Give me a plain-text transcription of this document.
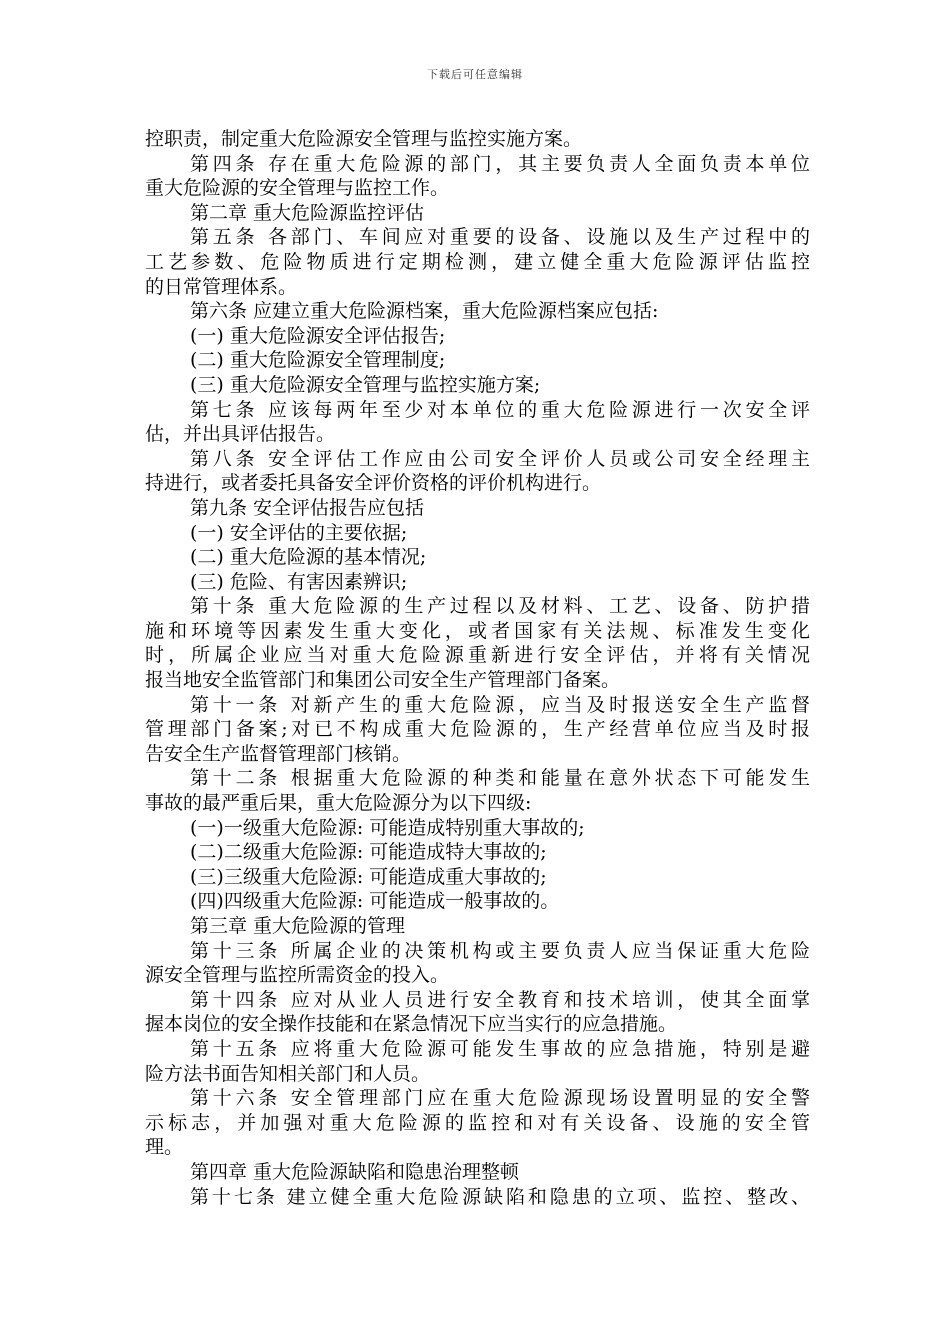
下载后可任意编辑
控职责，制定重大危险源安全管理与监控实施方案。
第四条 存在重大危险源的部门，其主要负责人全面负责本单位
重大危险源的安全管理与监控工作。
第二章 重大危险源监控评估
第五条 各部门、车间应对重要的设备、设施以及生产过程中的
工艺参数、危险物质进行定期检测，建立健全重大危险源评估监控
的日常管理体系。
第六条 应建立重大危险源档案，重大危险源档案应包括:
(一) 重大危险源安全评估报告;
(二) 重大危险源安全管理制度;
(三) 重大危险源安全管理与监控实施方案;
第七条 应该每两年至少对本单位的重大危险源进行一次安全评
估，并出具评估报告。
第八条 安全评估工作应由公司安全评价人员或公司安全经理主
持进行，或者委托具备安全评价资格的评价机构进行。
第九条 安全评估报告应包括
(一) 安全评估的主要依据;
(二) 重大危险源的基本情况;
(三) 危险、有害因素辨识;
第十条 重大危险源的生产过程以及材料、工艺、设备、防护措
施和环境等因素发生重大变化，或者国家有关法规、标准发生变化
时，所属企业应当对重大危险源重新进行安全评估，并将有关情况
报当地安全监管部门和集团公司安全生产管理部门备案。
第十一条 对新产生的重大危险源，应当及时报送安全生产监督
管理部门备案;对已不构成重大危险源的，生产经营单位应当及时报
告安全生产监督管理部门核销。
第十二条 根据重大危险源的种类和能量在意外状态下可能发生
事故的最严重后果，重大危险源分为以下四级:
(一)一级重大危险源: 可能造成特别重大事故的;
(二)二级重大危险源: 可能造成特大事故的;
(三)三级重大危险源: 可能造成重大事故的;
(四)四级重大危险源: 可能造成一般事故的。
第三章 重大危险源的管理
第十三条 所属企业的决策机构或主要负责人应当保证重大危险
源安全管理与监控所需资金的投入。
第十四条 应对从业人员进行安全教育和技术培训，使其全面掌
握本岗位的安全操作技能和在紧急情况下应当实行的应急措施。
第十五条 应将重大危险源可能发生事故的应急措施，特别是避
险方法书面告知相关部门和人员。
第十六条 安全管理部门应在重大危险源现场设置明显的安全警
示标志，并加强对重大危险源的监控和对有关设备、设施的安全管
理。
第四章 重大危险源缺陷和隐患治理整顿
第十七条 建立健全重大危险源缺陷和隐患的立项、监控、整改、
